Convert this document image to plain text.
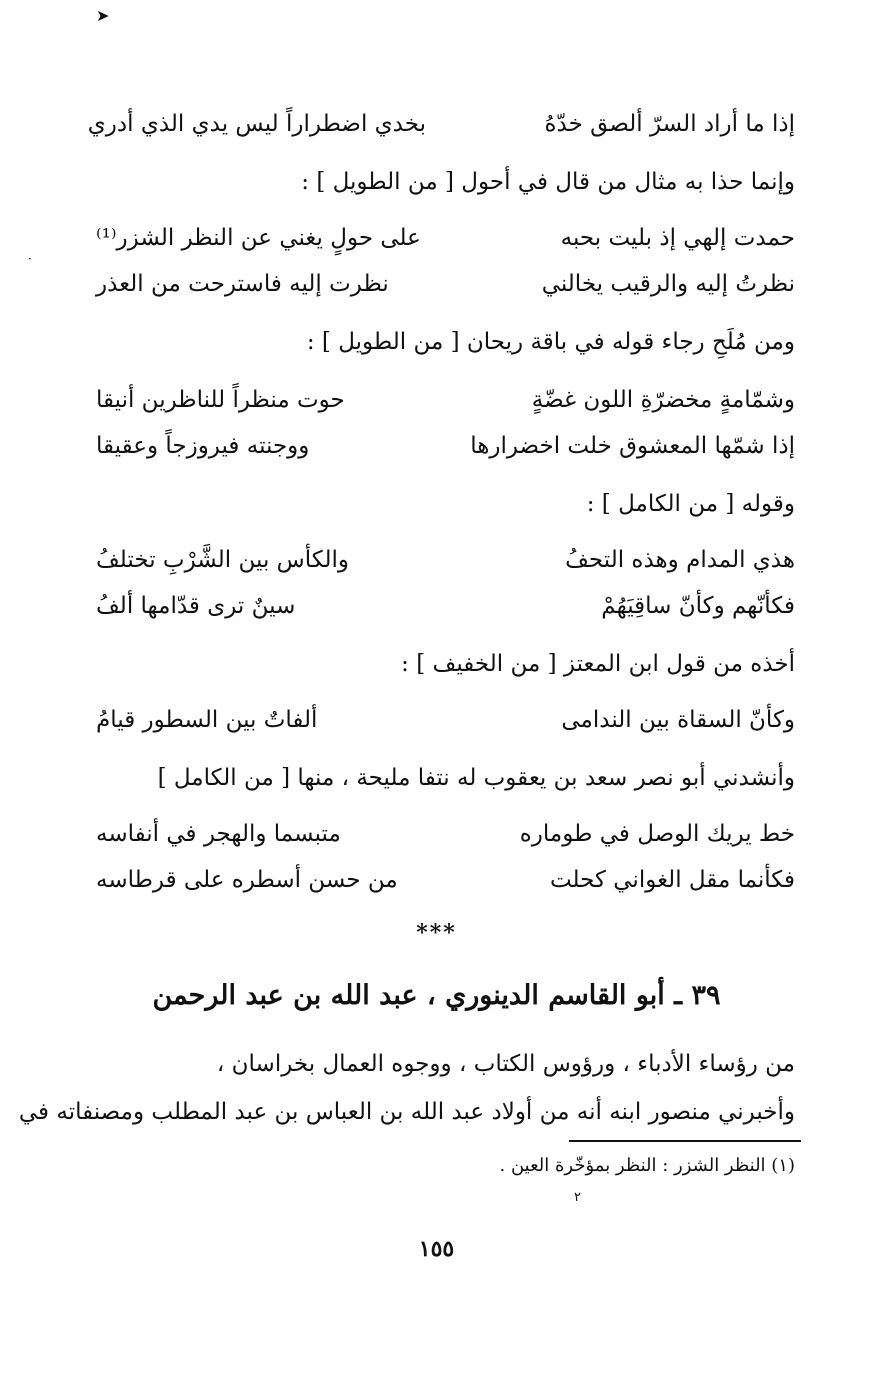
➤
·
إذا ما أراد السرّ ألصق خدّهُ
بخدي اضطراراً ليس يدي الذي أدري
وإنما حذا به مثال من قال في أحول [ من الطويل ] :
حمدت إلهي إذ بليت بحبه
على حولٍ يغني عن النظر الشزر⁽¹⁾
نظرتُ إليه والرقيب يخالني
نظرت إليه فاسترحت من العذر
ومن مُلَحِ رجاء قوله في باقة ريحان [ من الطويل ] :
وشمّامةٍ مخضرّةِ اللون غضّةٍ
حوت منظراً للناظرين أنيقا
إذا شمّها المعشوق خلت اخضرارها
ووجنته فيروزجاً وعقيقا
وقوله [ من الكامل ] :
هذي المدام وهذه التحفُ
والكأس بين الشَّرْبِ تختلفُ
فكأنّهم وكأنّ ساقِيَهُمْ
سينٌ ترى قدّامها ألفُ
أخذه من قول ابن المعتز [ من الخفيف ] :
وكأنّ السقاة بين الندامى
ألفاتٌ بين السطور قيامُ
وأنشدني أبو نصر سعد بن يعقوب له نتفا مليحة ، منها [ من الكامل ]
خط يريك الوصل في طوماره
متبسما والهجر في أنفاسه
فكأنما مقل الغواني كحلت
من حسن أسطره على قرطاسه
***
٣٩ ـ أبو القاسم الدينوري ، عبد الله بن عبد الرحمن
من رؤساء الأدباء ، ورؤوس الكتاب ، ووجوه العمال بخراسان ،
وأخبرني منصور ابنه أنه من أولاد عبد الله بن العباس بن عبد المطلب ومصنفاته في
(١) النظر الشزر : النظر بمؤخّرة العين .
٢
١٥٥
